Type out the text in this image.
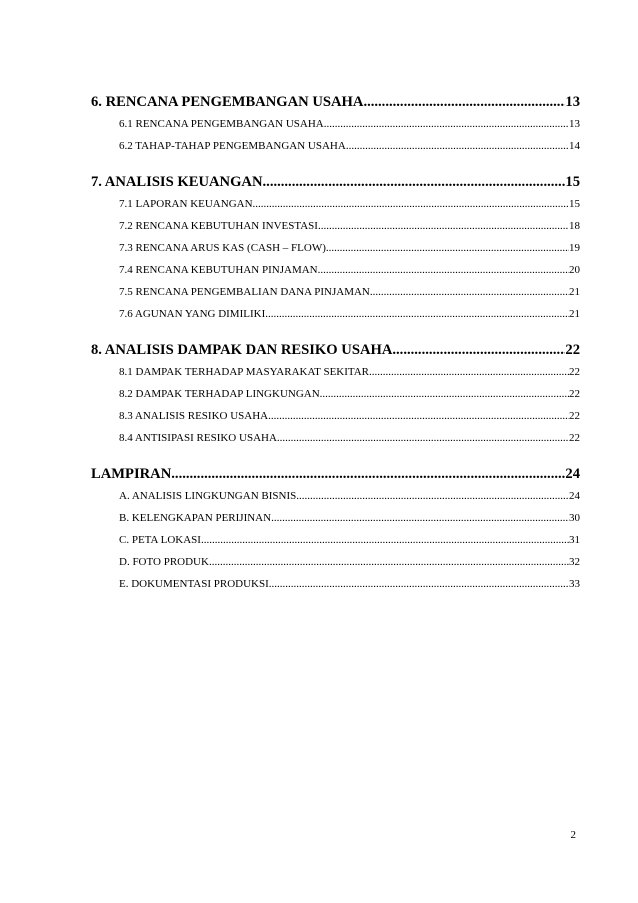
6. RENCANA PENGEMBANGAN USAHA .....	13
6.1 RENCANA PENGEMBANGAN USAHA .....	13
6.2 TAHAP-TAHAP PENGEMBANGAN USAHA .....	14
7. ANALISIS KEUANGAN .....	15
7.1 LAPORAN KEUANGAN .....	15
7.2 RENCANA KEBUTUHAN INVESTASI .....	18
7.3 RENCANA ARUS KAS (CASH – FLOW) .....	19
7.4 RENCANA KEBUTUHAN PINJAMAN .....	20
7.5 RENCANA PENGEMBALIAN DANA PINJAMAN .....	21
7.6 AGUNAN YANG DIMILIKI .....	21
8. ANALISIS DAMPAK DAN RESIKO USAHA .....	22
8.1 DAMPAK TERHADAP MASYARAKAT SEKITAR .....	22
8.2 DAMPAK TERHADAP LINGKUNGAN .....	22
8.3 ANALISIS RESIKO USAHA .....	22
8.4 ANTISIPASI RESIKO USAHA .....	22
LAMPIRAN .....	24
A. ANALISIS LINGKUNGAN BISNIS .....	24
B. KELENGKAPAN PERIJINAN .....	30
C. PETA LOKASI .....	31
D. FOTO PRODUK .....	32
E. DOKUMENTASI PRODUKSI .....	33
2
